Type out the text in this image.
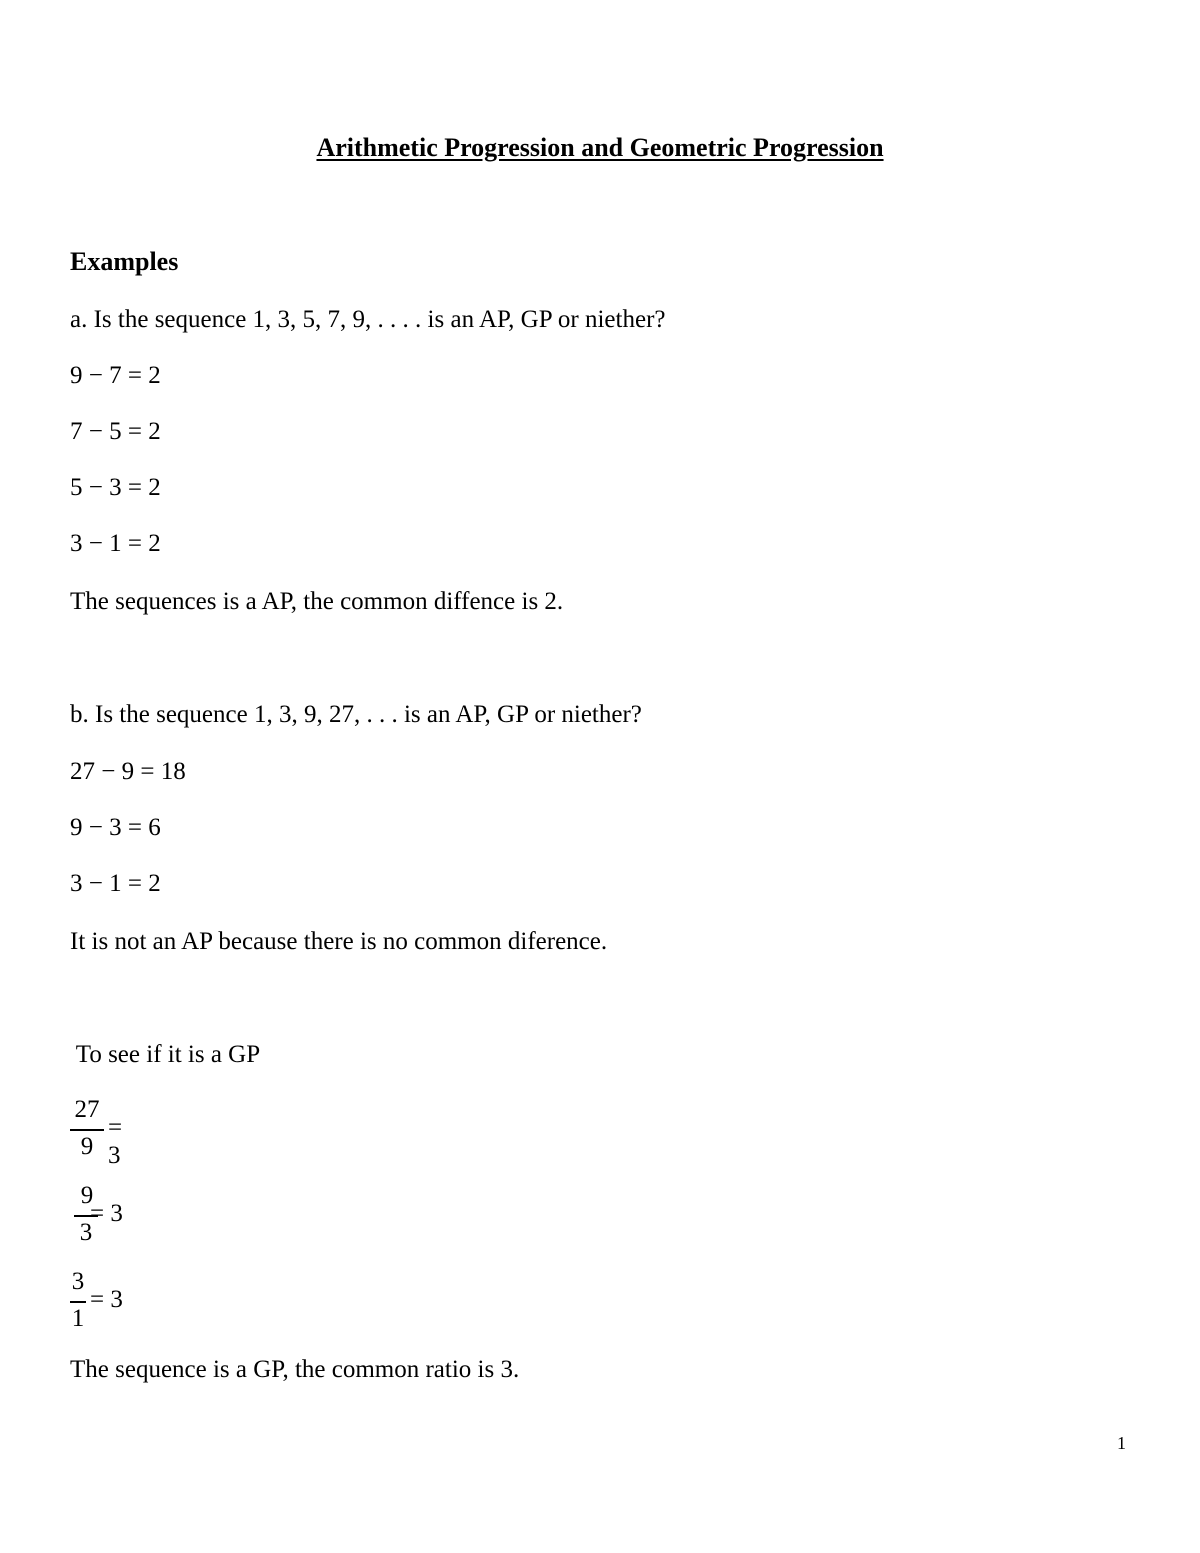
Arithmetic Progression and Geometric Progression
Examples
a. Is the sequence 1, 3, 5, 7, 9, . . . . is an AP, GP or niether?
9 − 7 = 2
7 − 5 = 2
5 − 3 = 2
3 − 1 = 2
The sequences is a AP, the common diffence is 2.
b. Is the sequence 1, 3, 9, 27, . . . is an AP, GP or niether?
27 − 9 = 18
9 − 3 = 6
3 − 1 = 2
It is not an AP because there is no common diference.
To see if it is a GP
27
9
= 3
9
3
= 3
3
1
= 3
The sequence is a GP, the common ratio is 3.
1
